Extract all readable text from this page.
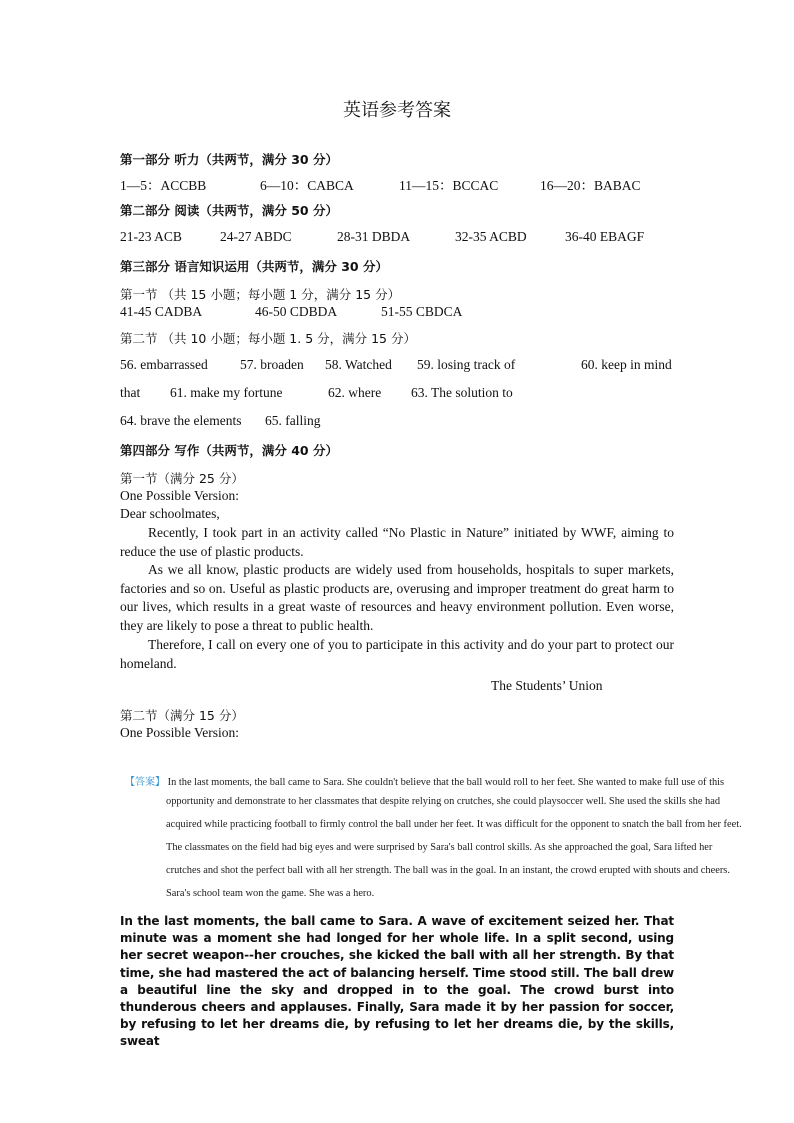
英语参考答案
第一部分 听力（共两节，满分 30 分）
1—5：ACCBB	6—10：CABCA	11—15：BCCAC	16—20：BABAC
第二部分 阅读（共两节，满分 50 分）
21-23 ACB	24-27 ABDC	28-31 DBDA	32-35 ACBD	36-40 EBAGF
第三部分 语言知识运用（共两节，满分 30 分）
第一节 （共 15 小题；每小题 1 分，满分 15 分）
41-45 CADBA	46-50 CDBDA	51-55 CBDCA
第二节 （共 10 小题；每小题 1. 5 分，满分 15 分）
56. embarrassed 57. broaden 58. Watched 59. losing track of	60. keep in mind
that 61. make my fortune	62. where 63. The solution to
64. brave the elements 65. falling
第四部分 写作（共两节，满分 40 分）
第一节（满分 25 分）
One Possible Version:
Dear schoolmates,
Recently, I took part in an activity called “No Plastic in Nature” initiated by WWF, aiming to reduce the use of plastic products.
As we all know, plastic products are widely used from households, hospitals to super markets, factories and so on. Useful as plastic products are, overusing and improper treatment do great harm to our lives, which results in a great waste of resources and heavy environment pollution. Even worse, they are likely to pose a threat to public health.
Therefore, I call on every one of you to participate in this activity and do your part to protect our homeland.
The Students’ Union
第二节（满分 15 分）
One Possible Version:
【答案】 In the last moments, the ball came to Sara. She couldn't believe that the ball would roll to her feet. She wanted to make full use of this
opportunity and demonstrate to her classmates that despite relying on crutches, she could playsoccer well. She used the skills she had
acquired while practicing football to firmly control the ball under her feet. It was difficult for the opponent to snatch the ball from her feet.
The classmates on the field had big eyes and were surprised by Sara's ball control skills. As she approached the goal, Sara lifted her
crutches and shot the perfect ball with all her strength. The ball was in the goal. In an instant, the crowd erupted with shouts and cheers.
Sara's school team won the game. She was a hero.
In the last moments, the ball came to Sara. A wave of excitement seized her. That minute was a moment she had longed for her whole life. In a split second, using her secret weapon--her crouches, she kicked the ball with all her strength. By that time, she had mastered the act of balancing herself. Time stood still. The ball drew a beautiful line the sky and dropped in to the goal. The crowd burst into thunderous cheers and applauses. Finally, Sara made it by her passion for soccer, by refusing to let her dreams die, by refusing to let her dreams die, by the skills, sweat
